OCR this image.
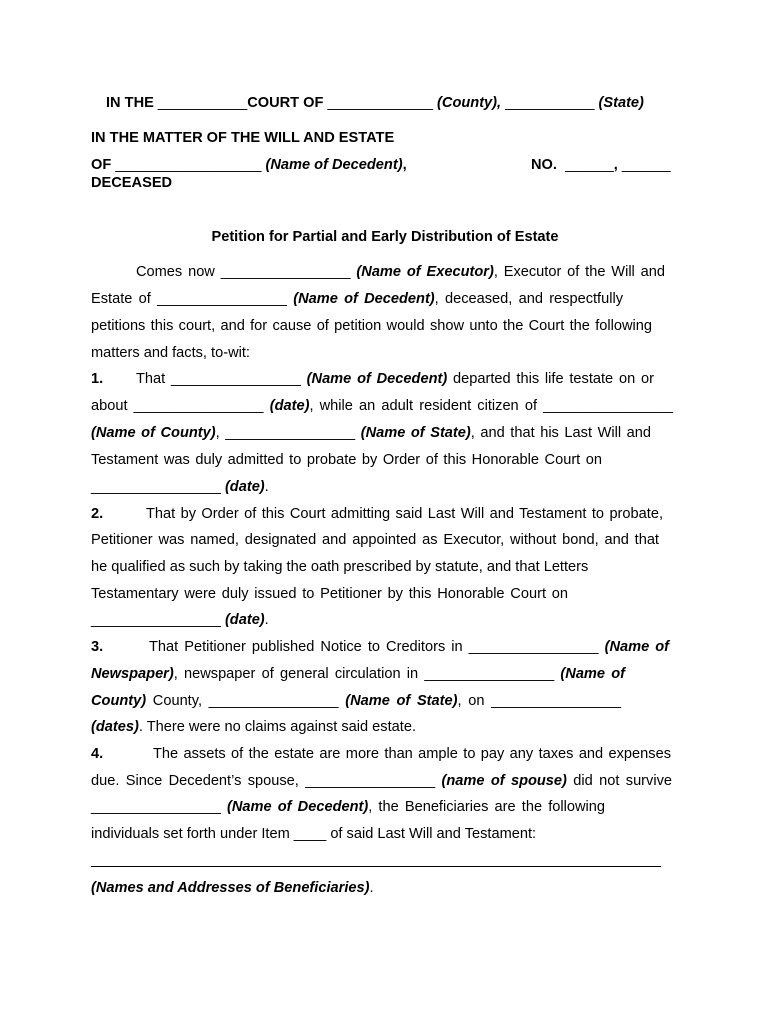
IN THE ___________COURT OF _____________ (County), ___________ (State)
IN THE MATTER OF THE WILL AND ESTATE
OF __________________ (Name of Decedent),	NO. ______, ______
DECEASED
Petition for Partial and Early Distribution of Estate
Comes now ________________ (Name of Executor), Executor of the Will and
Estate of ________________ (Name of Decedent), deceased, and respectfully
petitions this court, and for cause of petition would show unto the Court the following
matters and facts, to-wit:
1. That ________________ (Name of Decedent) departed this life testate on or
about ________________ (date), while an adult resident citizen of ________________
(Name of County), ________________ (Name of State), and that his Last Will and
Testament was duly admitted to probate by Order of this Honorable Court on
________________ (date).
2.	That by Order of this Court admitting said Last Will and Testament to probate,
Petitioner was named, designated and appointed as Executor, without bond, and that
he qualified as such by taking the oath prescribed by statute, and that Letters
Testamentary were duly issued to Petitioner by this Honorable Court on
________________ (date).
3.	That Petitioner published Notice to Creditors in ________________ (Name of
Newspaper), newspaper of general circulation in ________________ (Name of
County) County, ________________ (Name of State), on ________________
(dates). There were no claims against said estate.
4.	The assets of the estate are more than ample to pay any taxes and expenses
due. Since Decedent’s spouse, ________________ (name of spouse) did not survive
________________ (Name of Decedent), the Beneficiaries are the following
individuals set forth under Item ____ of said Last Will and Testament:
(Names and Addresses of Beneficiaries).
